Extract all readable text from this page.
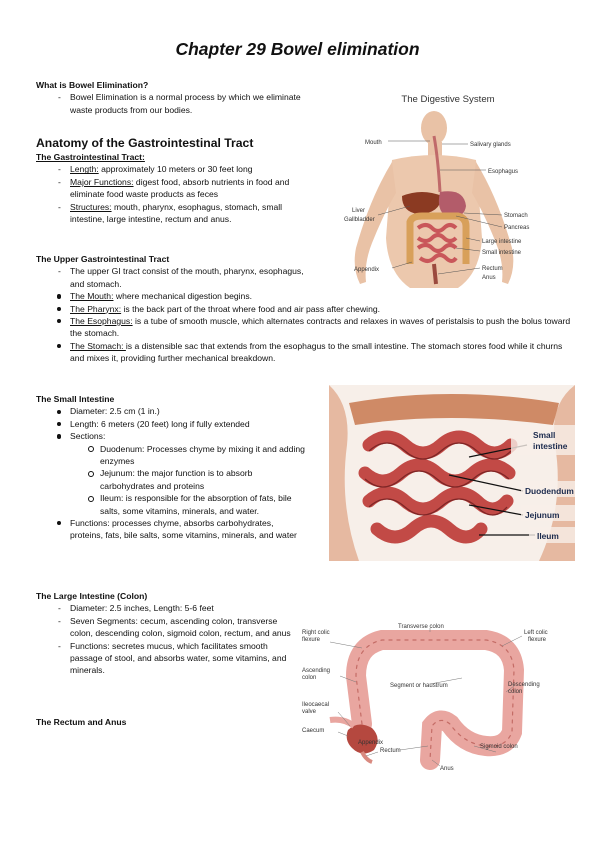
Chapter 29 Bowel elimination
What is Bowel Elimination?
- Bowel Elimination is a normal process by which we eliminate waste products from our bodies.
Anatomy of the Gastrointestinal Tract
The Gastrointestinal Tract:
- Length: approximately 10 meters or 30 feet long
- Major Functions: digest food, absorb nutrients in food and eliminate food waste products as feces
- Structures: mouth, pharynx, esophagus, stomach, small intestine, large intestine, rectum and anus.
The Upper Gastrointestinal Tract
- The upper GI tract consist of the mouth, pharynx, esophagus, and stomach.
The Mouth: where mechanical digestion begins.
The Pharynx: is the back part of the throat where food and air pass after chewing.
The Esophagus: is a tube of smooth muscle, which alternates contracts and relaxes in waves of peristalsis to push the bolus toward the stomach.
The Stomach: is a distensible sac that extends from the esophagus to the small intestine. The stomach stores food while it churns and mixes it, providing further mechanical breakdown.
The Small Intestine
Diameter: 2.5 cm (1 in.)
Length: 6 meters (20 feet) long if fully extended
Sections:
Duodenum: Processes chyme by mixing it and adding enzymes
Jejunum: the major function is to absorb carbohydrates and proteins
Ileum: is responsible for the absorption of fats, bile salts, some vitamins, minerals, and water.
Functions: processes chyme, absorbs carbohydrates, proteins, fats, bile salts, some vitamins, minerals, and water
The Large Intestine (Colon)
- Diameter: 2.5 inches, Length: 5-6 feet
- Seven Segments: cecum, ascending colon, transverse colon, descending colon, sigmoid colon, rectum, and anus
- Functions: secretes mucus, which facilitates smooth passage of stool, and absorbs water, some vitamins, and minerals.
The Rectum and Anus
The Digestive System
Mouth	Salivary glands
Esophagus
Liver
Gallbladder
Stomach
Pancreas
Large intestine
Small intestine
Appendix	Rectum
Anus
Small
intestine
Duodendum
Jejunum
Ileum
Transverse colon
Right colic
flexure
Left colic
flexure
Ascending
colon
Segment or haustrum	Descending
colon
Ileocaecal
valve
Caecum
Appendix
Rectum
Sigmoid colon
Anus
